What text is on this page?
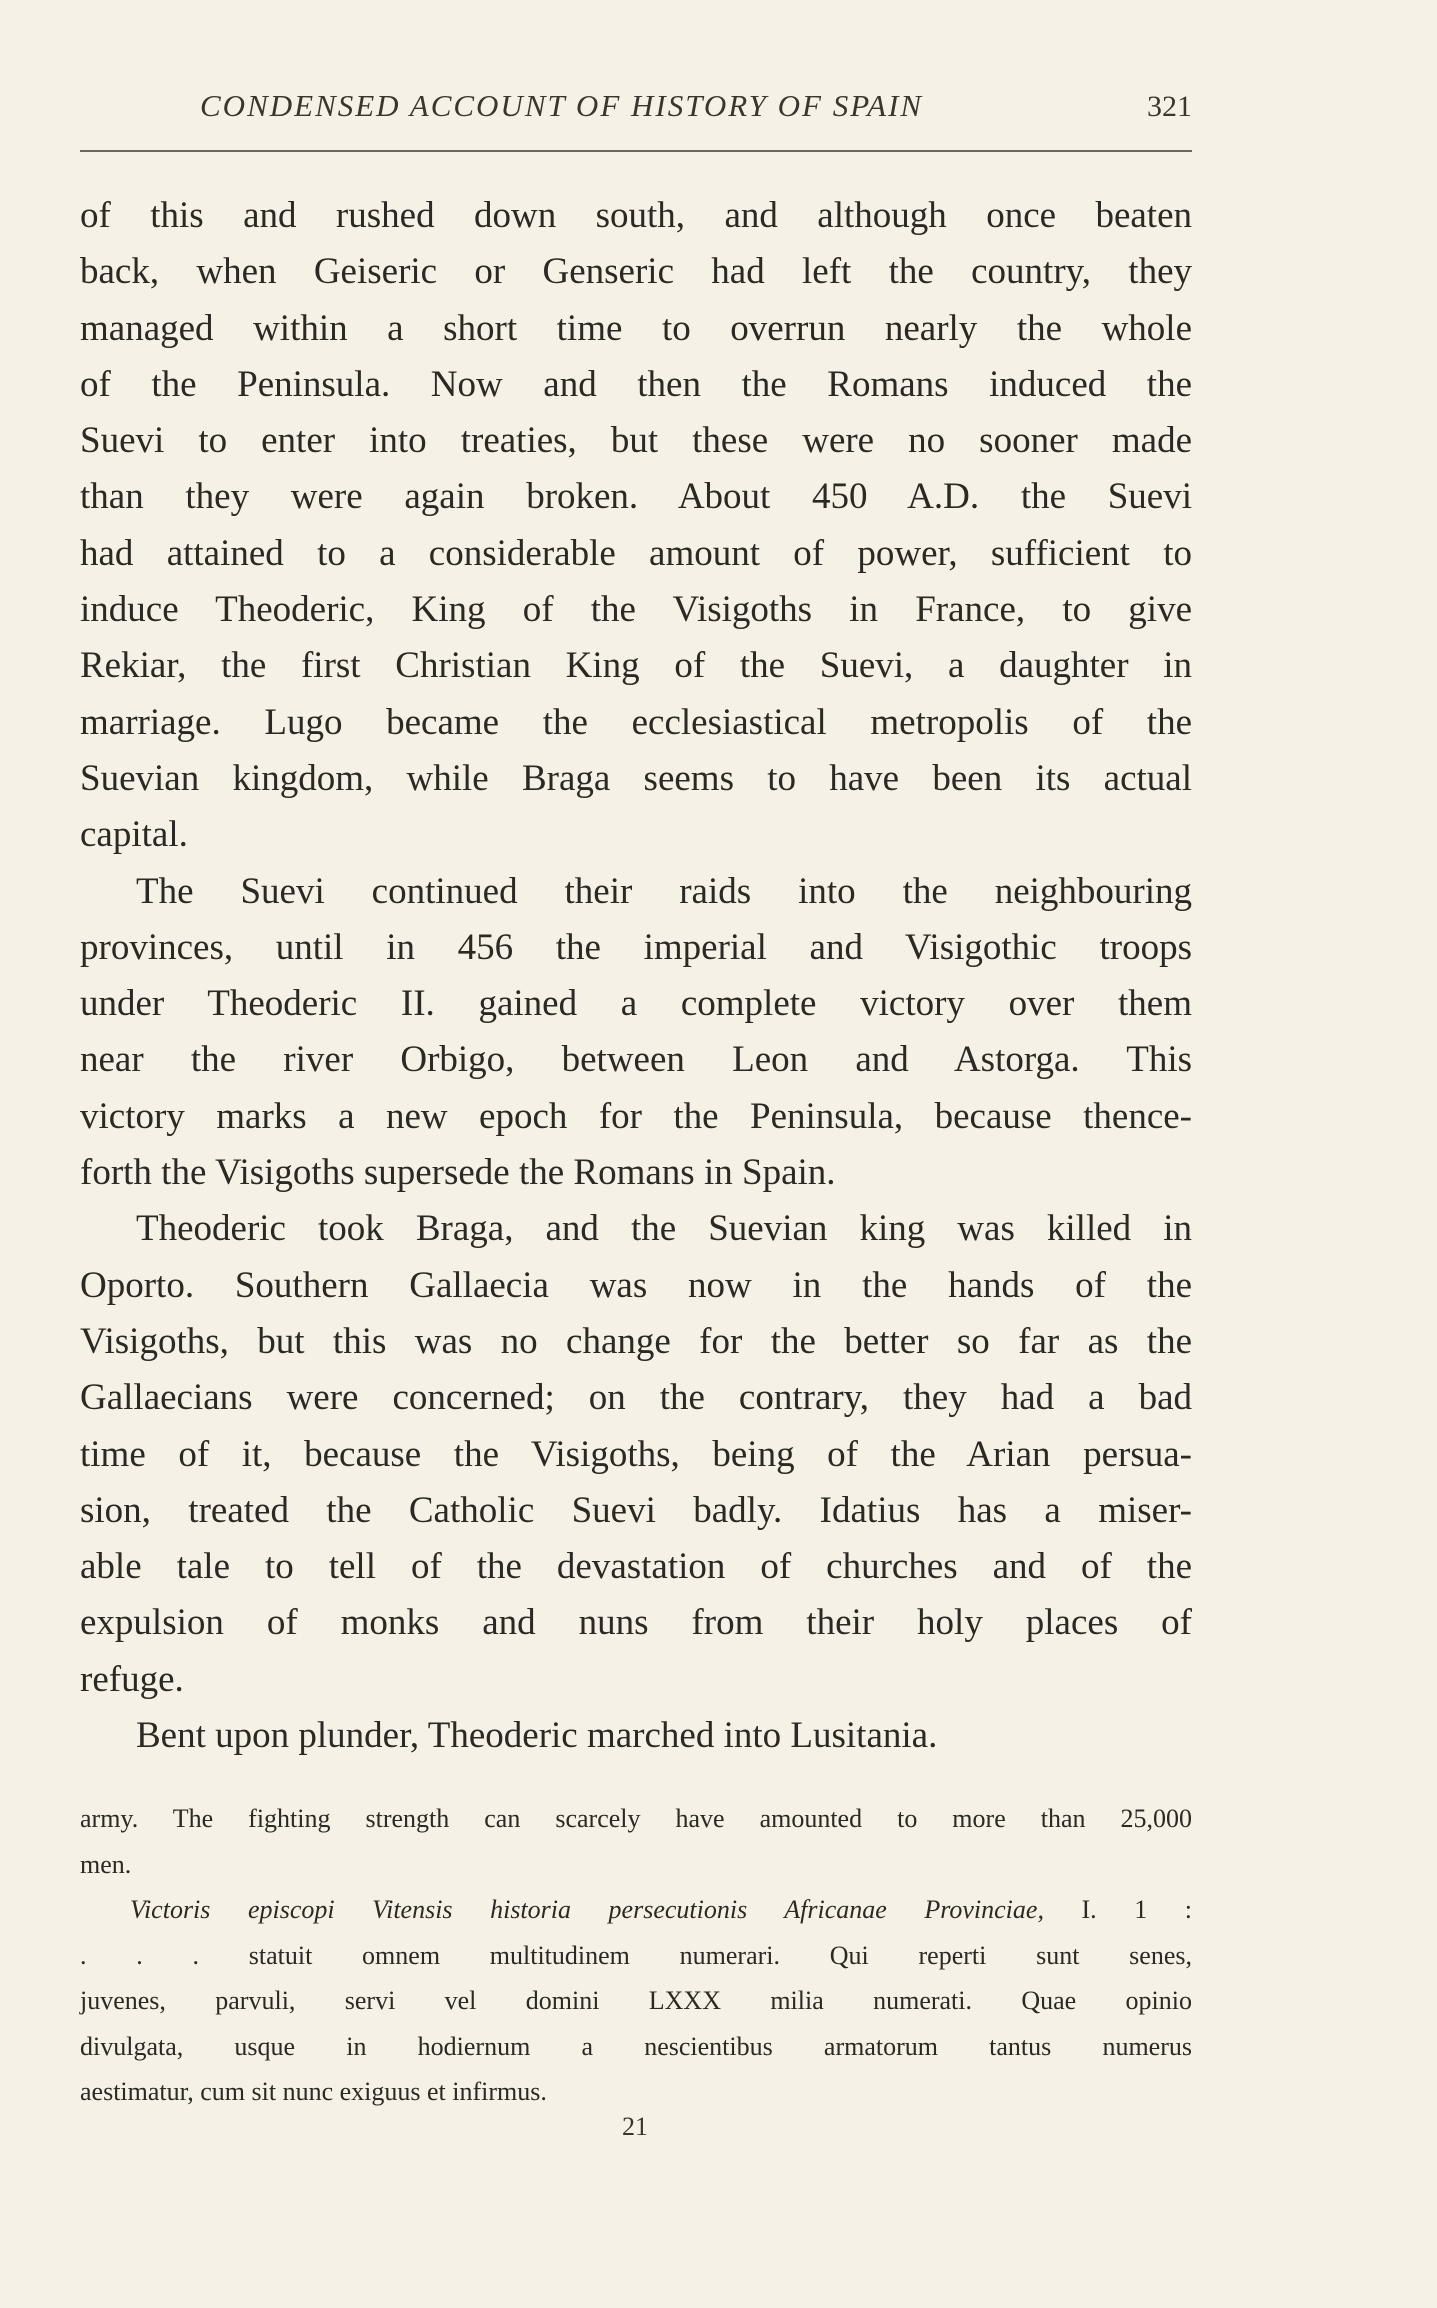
CONDENSED ACCOUNT OF HISTORY OF SPAIN	321
of this and rushed down south, and although once beaten
back, when Geiseric or Genseric had left the country, they
managed within a short time to overrun nearly the whole
of the Peninsula. Now and then the Romans induced the
Suevi to enter into treaties, but these were no sooner made
than they were again broken. About 450 A.D. the Suevi
had attained to a considerable amount of power, sufficient to
induce Theoderic, King of the Visigoths in France, to give
Rekiar, the first Christian King of the Suevi, a daughter in
marriage. Lugo became the ecclesiastical metropolis of the
Suevian kingdom, while Braga seems to have been its actual
capital.
The Suevi continued their raids into the neighbouring
provinces, until in 456 the imperial and Visigothic troops
under Theoderic II. gained a complete victory over them
near the river Orbigo, between Leon and Astorga. This
victory marks a new epoch for the Peninsula, because thence-
forth the Visigoths supersede the Romans in Spain.
Theoderic took Braga, and the Suevian king was killed in
Oporto. Southern Gallaecia was now in the hands of the
Visigoths, but this was no change for the better so far as the
Gallaecians were concerned; on the contrary, they had a bad
time of it, because the Visigoths, being of the Arian persua-
sion, treated the Catholic Suevi badly. Idatius has a miser-
able tale to tell of the devastation of churches and of the
expulsion of monks and nuns from their holy places of
refuge.
Bent upon plunder, Theoderic marched into Lusitania.
army. The fighting strength can scarcely have amounted to more than 25,000
men.
Victoris episcopi Vitensis historia persecutionis Africanae Provinciae, I. 1 :
. . . statuit omnem multitudinem numerari. Qui reperti sunt senes,
juvenes, parvuli, servi vel domini LXXX milia numerati. Quae opinio
divulgata, usque in hodiernum a nescientibus armatorum tantus numerus
aestimatur, cum sit nunc exiguus et infirmus.
21
